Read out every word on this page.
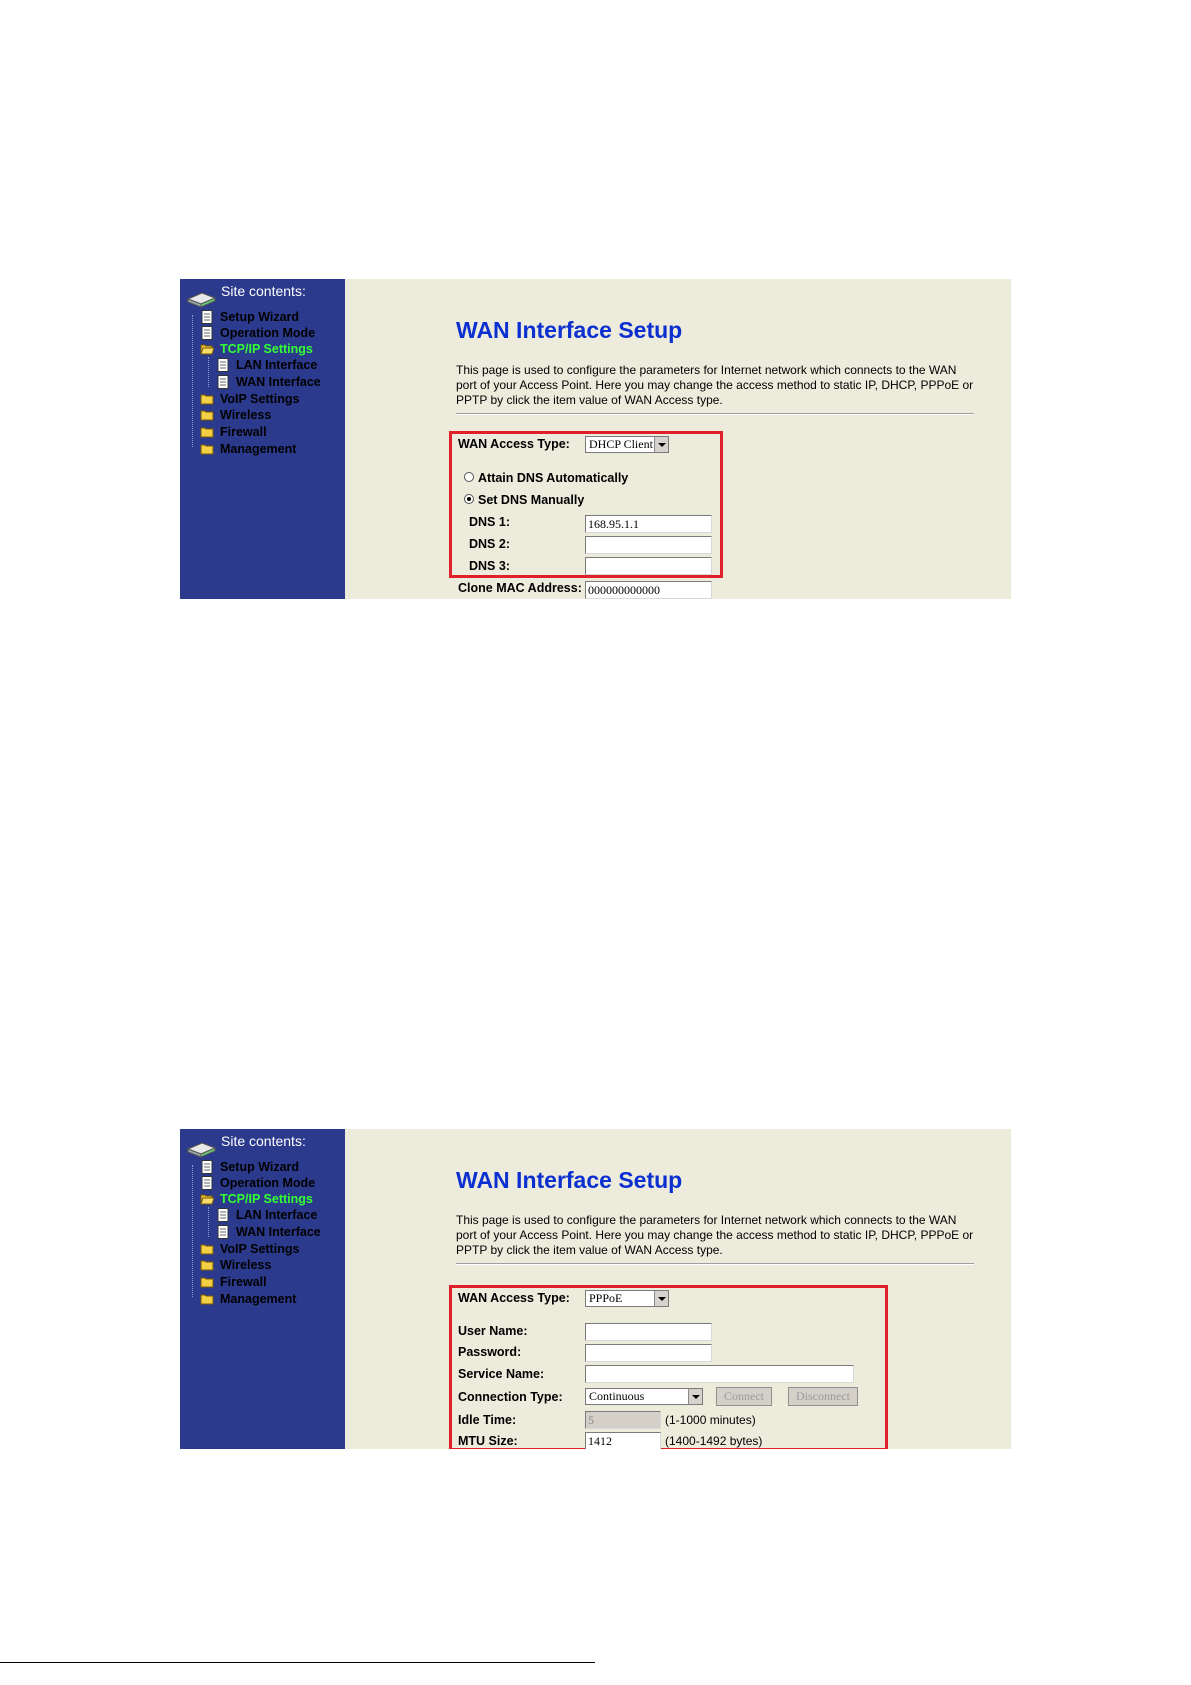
Site contents:
Setup Wizard
Operation Mode
TCP/IP Settings
LAN Interface
WAN Interface
VoIP Settings
Wireless
Firewall
Management
WAN Interface Setup
This page is used to configure the parameters for Internet network which connects to the WAN port of your Access Point. Here you may change the access method to static IP, DHCP, PPPoE or PPTP by click the item value of WAN Access type.
WAN Access Type: DHCP Client
Attain DNS Automatically
Set DNS Manually
DNS 1:	168.95.1.1
DNS 2:
DNS 3:
Clone MAC Address: 000000000000
Site contents:
Setup Wizard
Operation Mode
TCP/IP Settings
LAN Interface
WAN Interface
VoIP Settings
Wireless
Firewall
Management
WAN Interface Setup
This page is used to configure the parameters for Internet network which connects to the WAN port of your Access Point. Here you may change the access method to static IP, DHCP, PPPoE or PPTP by click the item value of WAN Access type.
WAN Access Type: PPPoE
User Name:
Password:
Service Name:
Connection Type: Continuous	Connect	Disconnect
Idle Time:	5	(1-1000 minutes)
MTU Size:	1412	(1400-1492 bytes)
